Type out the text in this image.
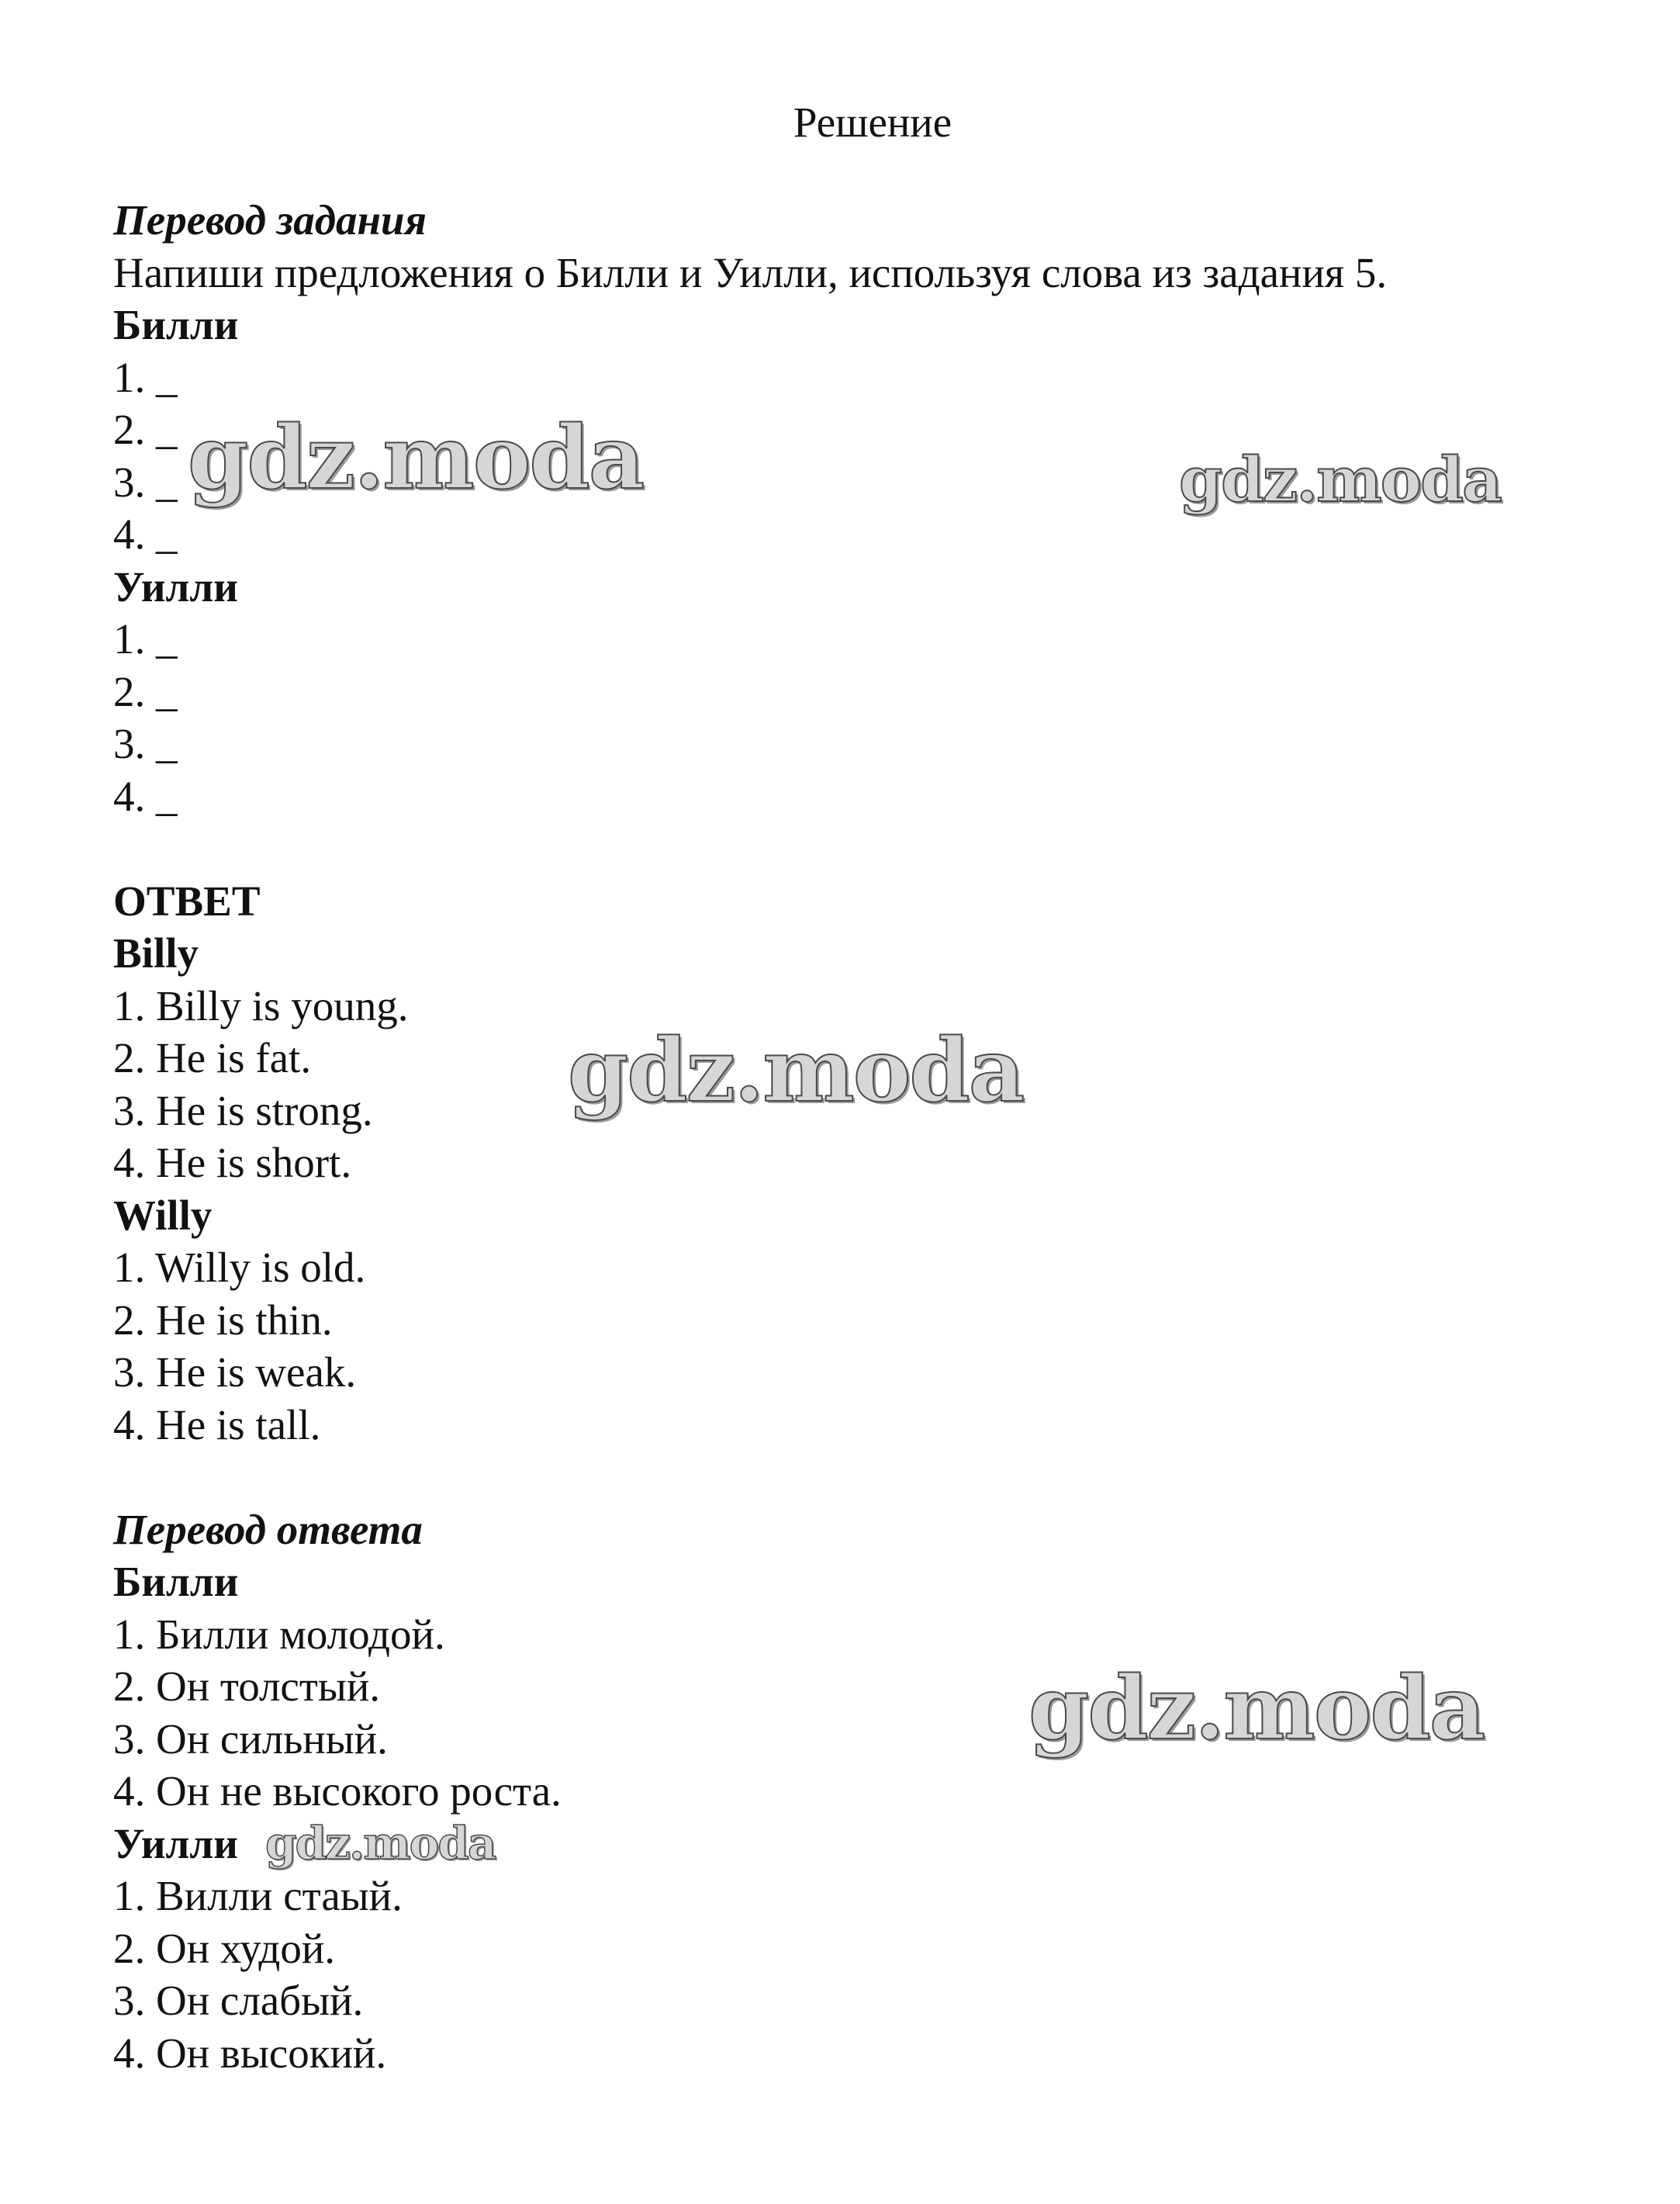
Решение
Перевод задания
Напиши предложения о Билли и Уилли, используя слова из задания 5.
Билли
1. _
2. _
3. _
4. _
Уилли
1. _
2. _
3. _
4. _
ОТВЕТ
Billy
1. Billy is young.
2. He is fat.
3. He is strong.
4. He is short.
Willy
1. Willy is old.
2. He is thin.
3. He is weak.
4. He is tall.
Перевод ответа
Билли
1. Билли молодой.
2. Он толстый.
3. Он сильный.
4. Он не высокого роста.
Уилли
1. Вилли стаый.
2. Он худой.
3. Он слабый.
4. Он высокий.
gdz.moda	gdz.moda
gdz.moda
gdz.moda
gdz.moda
